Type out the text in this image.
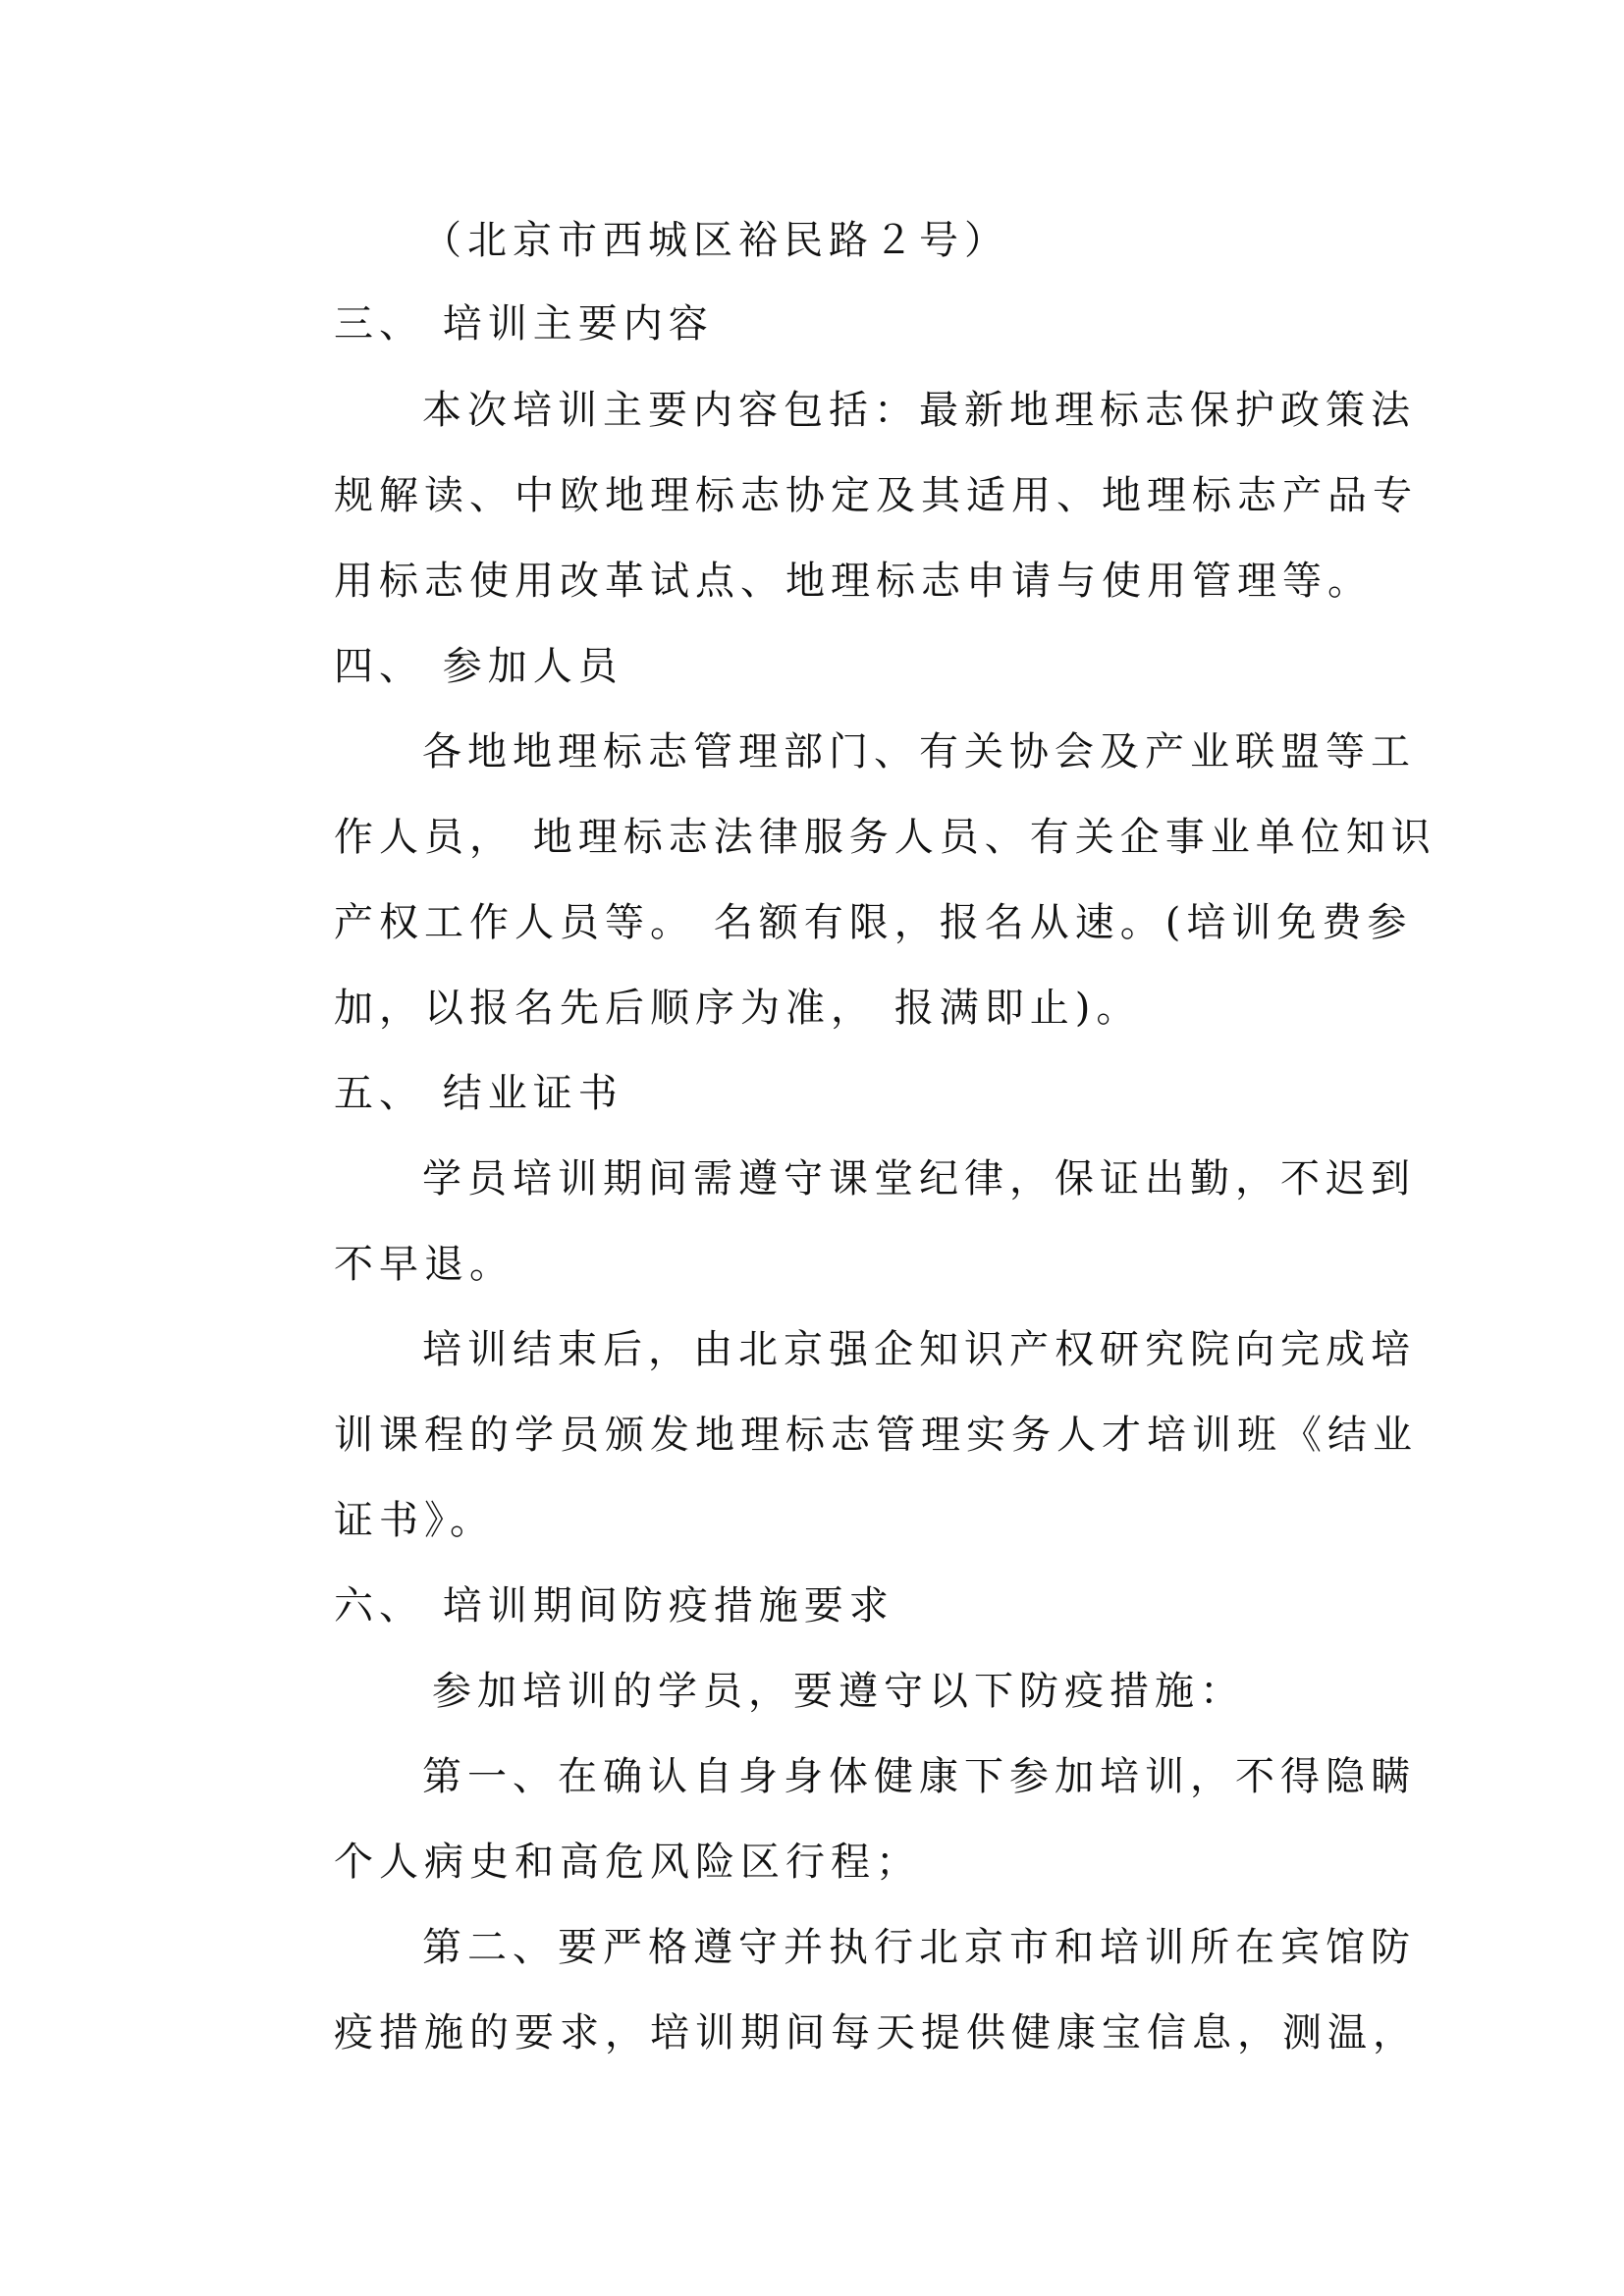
（北京市西城区裕民路２号）
三、 培训主要内容
本次培训主要内容包括：最新地理标志保护政策法
规解读、中欧地理标志协定及其适用、地理标志产品专
用标志使用改革试点、地理标志申请与使用管理等。
四、 参加人员
各地地理标志管理部门、有关协会及产业联盟等工
作人员， 地理标志法律服务人员、有关企事业单位知识
产权工作人员等。 名额有限，报名从速。(培训免费参
加，以报名先后顺序为准， 报满即止)。
五、 结业证书
学员培训期间需遵守课堂纪律，保证出勤，不迟到
不早退。
培训结束后，由北京强企知识产权研究院向完成培
训课程的学员颁发地理标志管理实务人才培训班《结业
证书》。
六、 培训期间防疫措施要求
参加培训的学员，要遵守以下防疫措施：
第一、在确认自身身体健康下参加培训，不得隐瞒
个人病史和高危风险区行程；
第二、要严格遵守并执行北京市和培训所在宾馆防
疫措施的要求，培训期间每天提供健康宝信息，测温，
